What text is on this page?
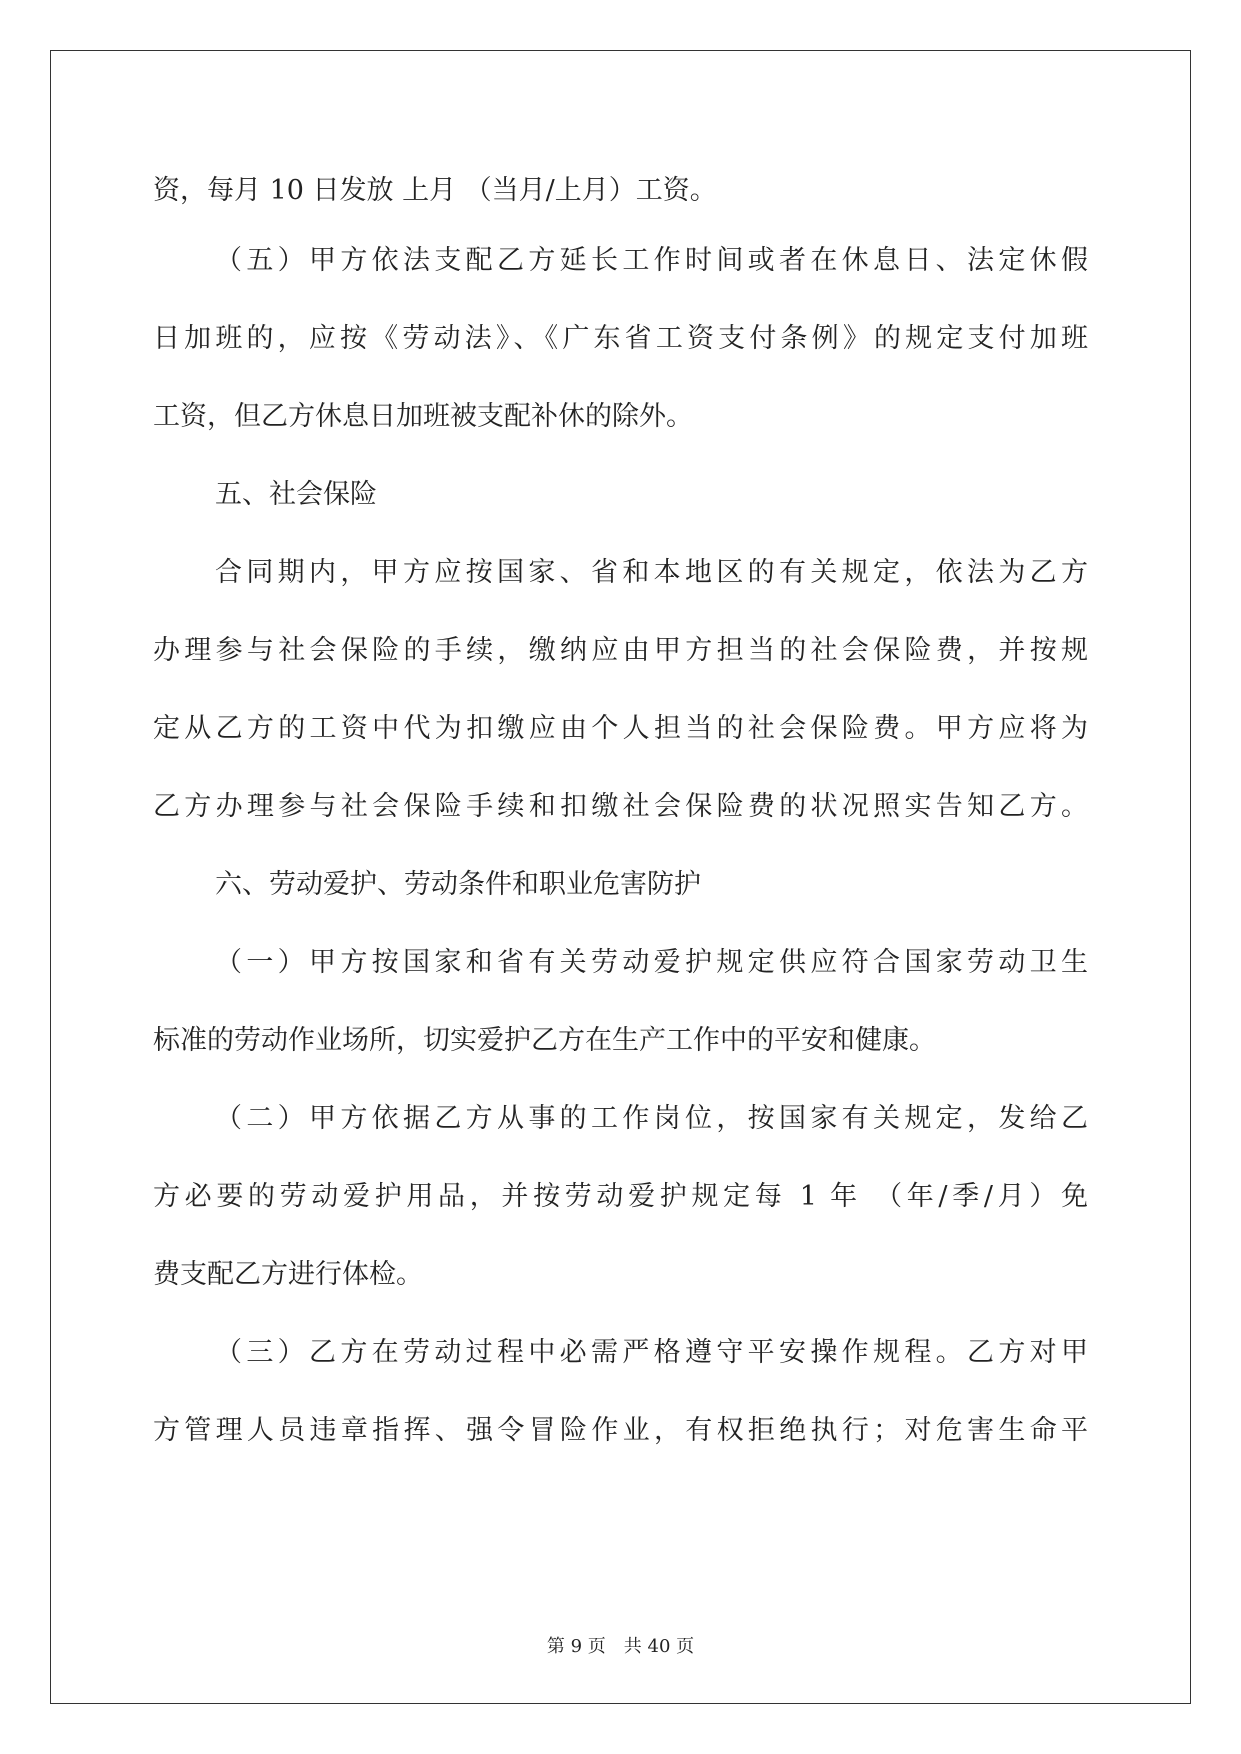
资，每月 10 日发放 上月 （当月/上月）工资。
（五）甲方依法支配乙方延长工作时间或者在休息日、法定休假
日加班的，应按《劳动法》、《广东省工资支付条例》的规定支付加班
工资，但乙方休息日加班被支配补休的除外。
五、社会保险
合同期内，甲方应按国家、省和本地区的有关规定，依法为乙方
办理参与社会保险的手续，缴纳应由甲方担当的社会保险费，并按规
定从乙方的工资中代为扣缴应由个人担当的社会保险费。甲方应将为
乙方办理参与社会保险手续和扣缴社会保险费的状况照实告知乙方。
六、劳动爱护、劳动条件和职业危害防护
（一）甲方按国家和省有关劳动爱护规定供应符合国家劳动卫生
标准的劳动作业场所，切实爱护乙方在生产工作中的平安和健康。
（二）甲方依据乙方从事的工作岗位，按国家有关规定，发给乙
方必要的劳动爱护用品，并按劳动爱护规定每 1 年 （年/季/月）免
费支配乙方进行体检。
（三）乙方在劳动过程中必需严格遵守平安操作规程。乙方对甲
方管理人员违章指挥、强令冒险作业，有权拒绝执行；对危害生命平
第 9 页 共 40 页
